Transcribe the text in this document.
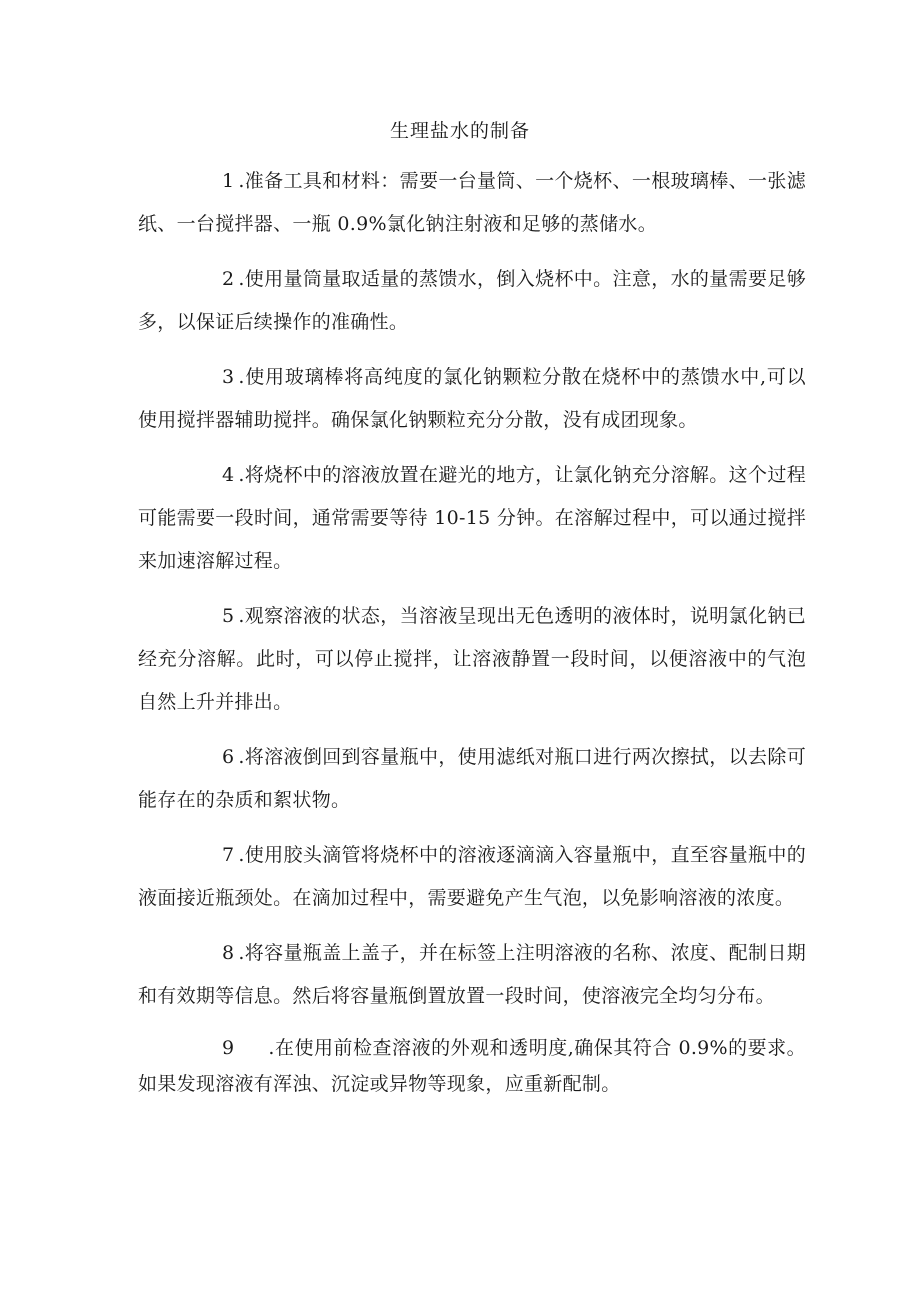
生理盐水的制备

1 .准备工具和材料：需要一台量筒、一个烧杯、一根玻璃棒、一张滤纸、一台搅拌器、一瓶 0.9%氯化钠注射液和足够的蒸储水。

2 .使用量筒量取适量的蒸馈水，倒入烧杯中。注意，水的量需要足够多，以保证后续操作的准确性。

3 .使用玻璃棒将高纯度的氯化钠颗粒分散在烧杯中的蒸馈水中,可以使用搅拌器辅助搅拌。确保氯化钠颗粒充分分散，没有成团现象。

4 .将烧杯中的溶液放置在避光的地方，让氯化钠充分溶解。这个过程可能需要一段时间，通常需要等待 10-15 分钟。在溶解过程中，可以通过搅拌来加速溶解过程。

5 .观察溶液的状态，当溶液呈现出无色透明的液体时，说明氯化钠已经充分溶解。此时，可以停止搅拌，让溶液静置一段时间，以便溶液中的气泡自然上升并排出。

6 .将溶液倒回到容量瓶中，使用滤纸对瓶口进行两次擦拭，以去除可能存在的杂质和絮状物。

7 .使用胶头滴管将烧杯中的溶液逐滴滴入容量瓶中，直至容量瓶中的液面接近瓶颈处。在滴加过程中，需要避免产生气泡，以免影响溶液的浓度。

8 .将容量瓶盖上盖子，并在标签上注明溶液的名称、浓度、配制日期和有效期等信息。然后将容量瓶倒置放置一段时间，使溶液完全均匀分布。

9 .在使用前检查溶液的外观和透明度,确保其符合 0.9%的要求。如果发现溶液有浑浊、沉淀或异物等现象，应重新配制。
